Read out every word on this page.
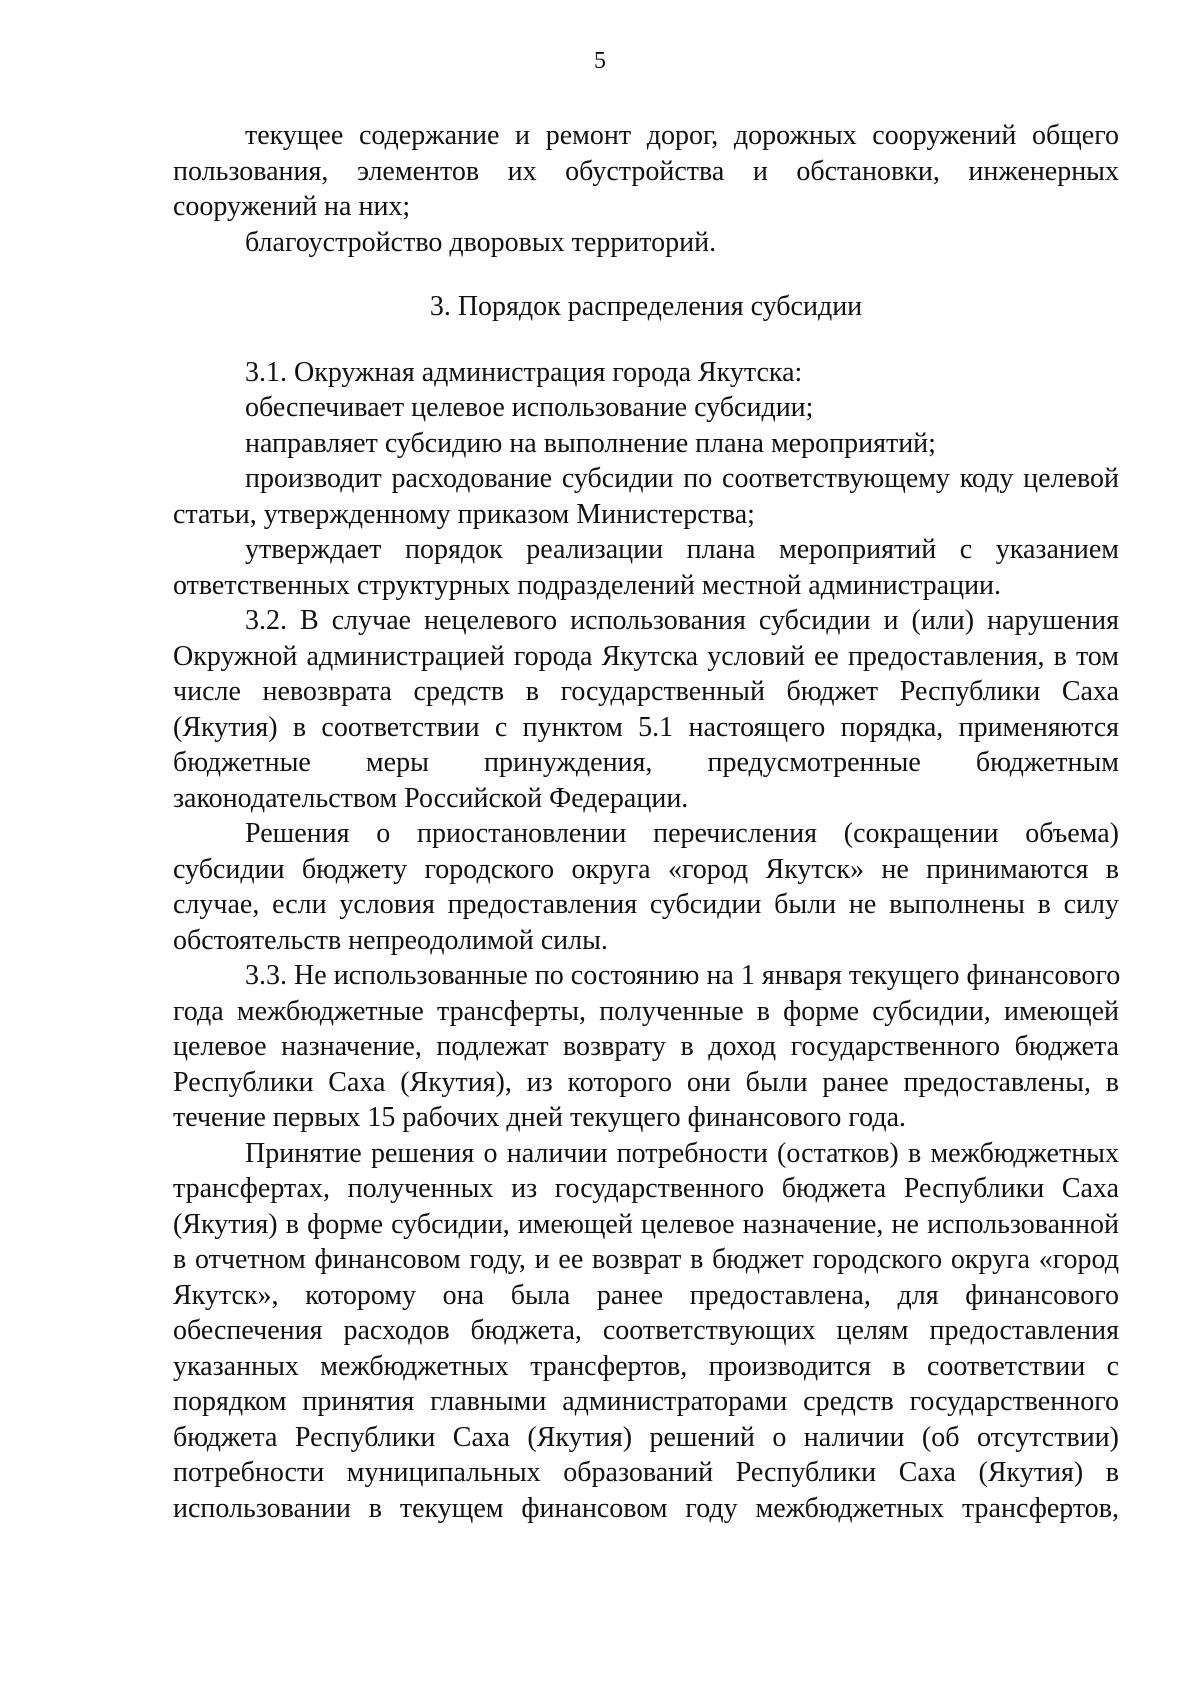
5
текущее содержание и ремонт дорог, дорожных сооружений общего
пользования, элементов их обустройства и обстановки, инженерных
сооружений на них;
благоустройство дворовых территорий.
3. Порядок распределения субсидии
3.1. Окружная администрация города Якутска:
обеспечивает целевое использование субсидии;
направляет субсидию на выполнение плана мероприятий;
производит расходование субсидии по соответствующему коду целевой
статьи, утвержденному приказом Министерства;
утверждает порядок реализации плана мероприятий с указанием
ответственных структурных подразделений местной администрации.
3.2. В случае нецелевого использования субсидии и (или) нарушения
Окружной администрацией города Якутска условий ее предоставления, в том
числе невозврата средств в государственный бюджет Республики Саха
(Якутия) в соответствии с пунктом 5.1 настоящего порядка, применяются
бюджетные меры принуждения, предусмотренные бюджетным
законодательством Российской Федерации.
Решения о приостановлении перечисления (сокращении объема)
субсидии бюджету городского округа «город Якутск» не принимаются в
случае, если условия предоставления субсидии были не выполнены в силу
обстоятельств непреодолимой силы.
3.3. Не использованные по состоянию на 1 января текущего финансового
года межбюджетные трансферты, полученные в форме субсидии, имеющей
целевое назначение, подлежат возврату в доход государственного бюджета
Республики Саха (Якутия), из которого они были ранее предоставлены, в
течение первых 15 рабочих дней текущего финансового года.
Принятие решения о наличии потребности (остатков) в межбюджетных
трансфертах, полученных из государственного бюджета Республики Саха
(Якутия) в форме субсидии, имеющей целевое назначение, не использованной
в отчетном финансовом году, и ее возврат в бюджет городского округа «город
Якутск», которому она была ранее предоставлена, для финансового
обеспечения расходов бюджета, соответствующих целям предоставления
указанных межбюджетных трансфертов, производится в соответствии с
порядком принятия главными администраторами средств государственного
бюджета Республики Саха (Якутия) решений о наличии (об отсутствии)
потребности муниципальных образований Республики Саха (Якутия) в
использовании в текущем финансовом году межбюджетных трансфертов,
